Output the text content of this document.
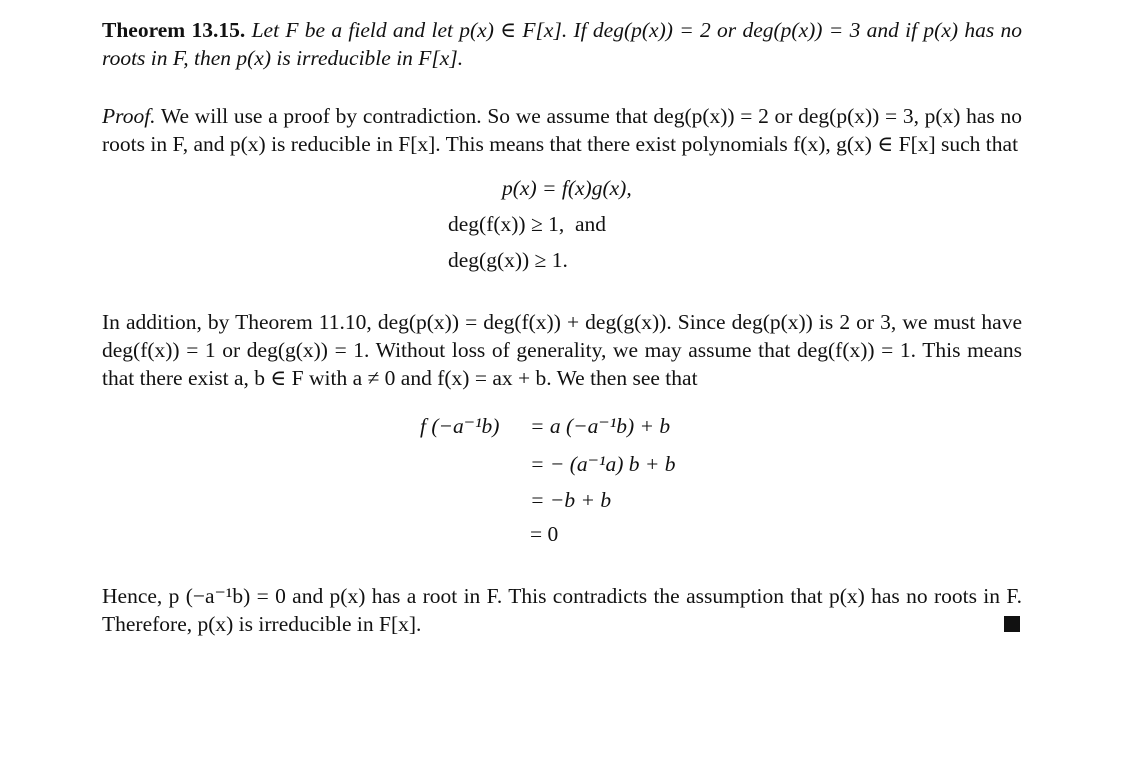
Theorem 13.15. Let F be a field and let p(x) ∈ F[x]. If deg(p(x)) = 2 or deg(p(x)) = 3 and if p(x) has no roots in F, then p(x) is irreducible in F[x].

Proof. We will use a proof by contradiction. So we assume that deg(p(x)) = 2 or deg(p(x)) = 3, p(x) has no roots in F, and p(x) is reducible in F[x]. This means that there exist polynomials f(x), g(x) ∈ F[x] such that

p(x) = f(x)g(x),
deg(f(x)) ≥ 1,  and
deg(g(x)) ≥ 1.

In addition, by Theorem 11.10, deg(p(x)) = deg(f(x)) + deg(g(x)). Since deg(p(x)) is 2 or 3, we must have deg(f(x)) = 1 or deg(g(x)) = 1. Without loss of generality, we may assume that deg(f(x)) = 1. This means that there exist a, b ∈ F with a ≠ 0 and f(x) = ax + b. We then see that

f (−a⁻¹b) = a (−a⁻¹b) + b
= − (a⁻¹a) b + b
= −b + b
= 0

Hence, p (−a⁻¹b) = 0 and p(x) has a root in F. This contradicts the assumption that p(x) has no roots in F. Therefore, p(x) is irreducible in F[x].
